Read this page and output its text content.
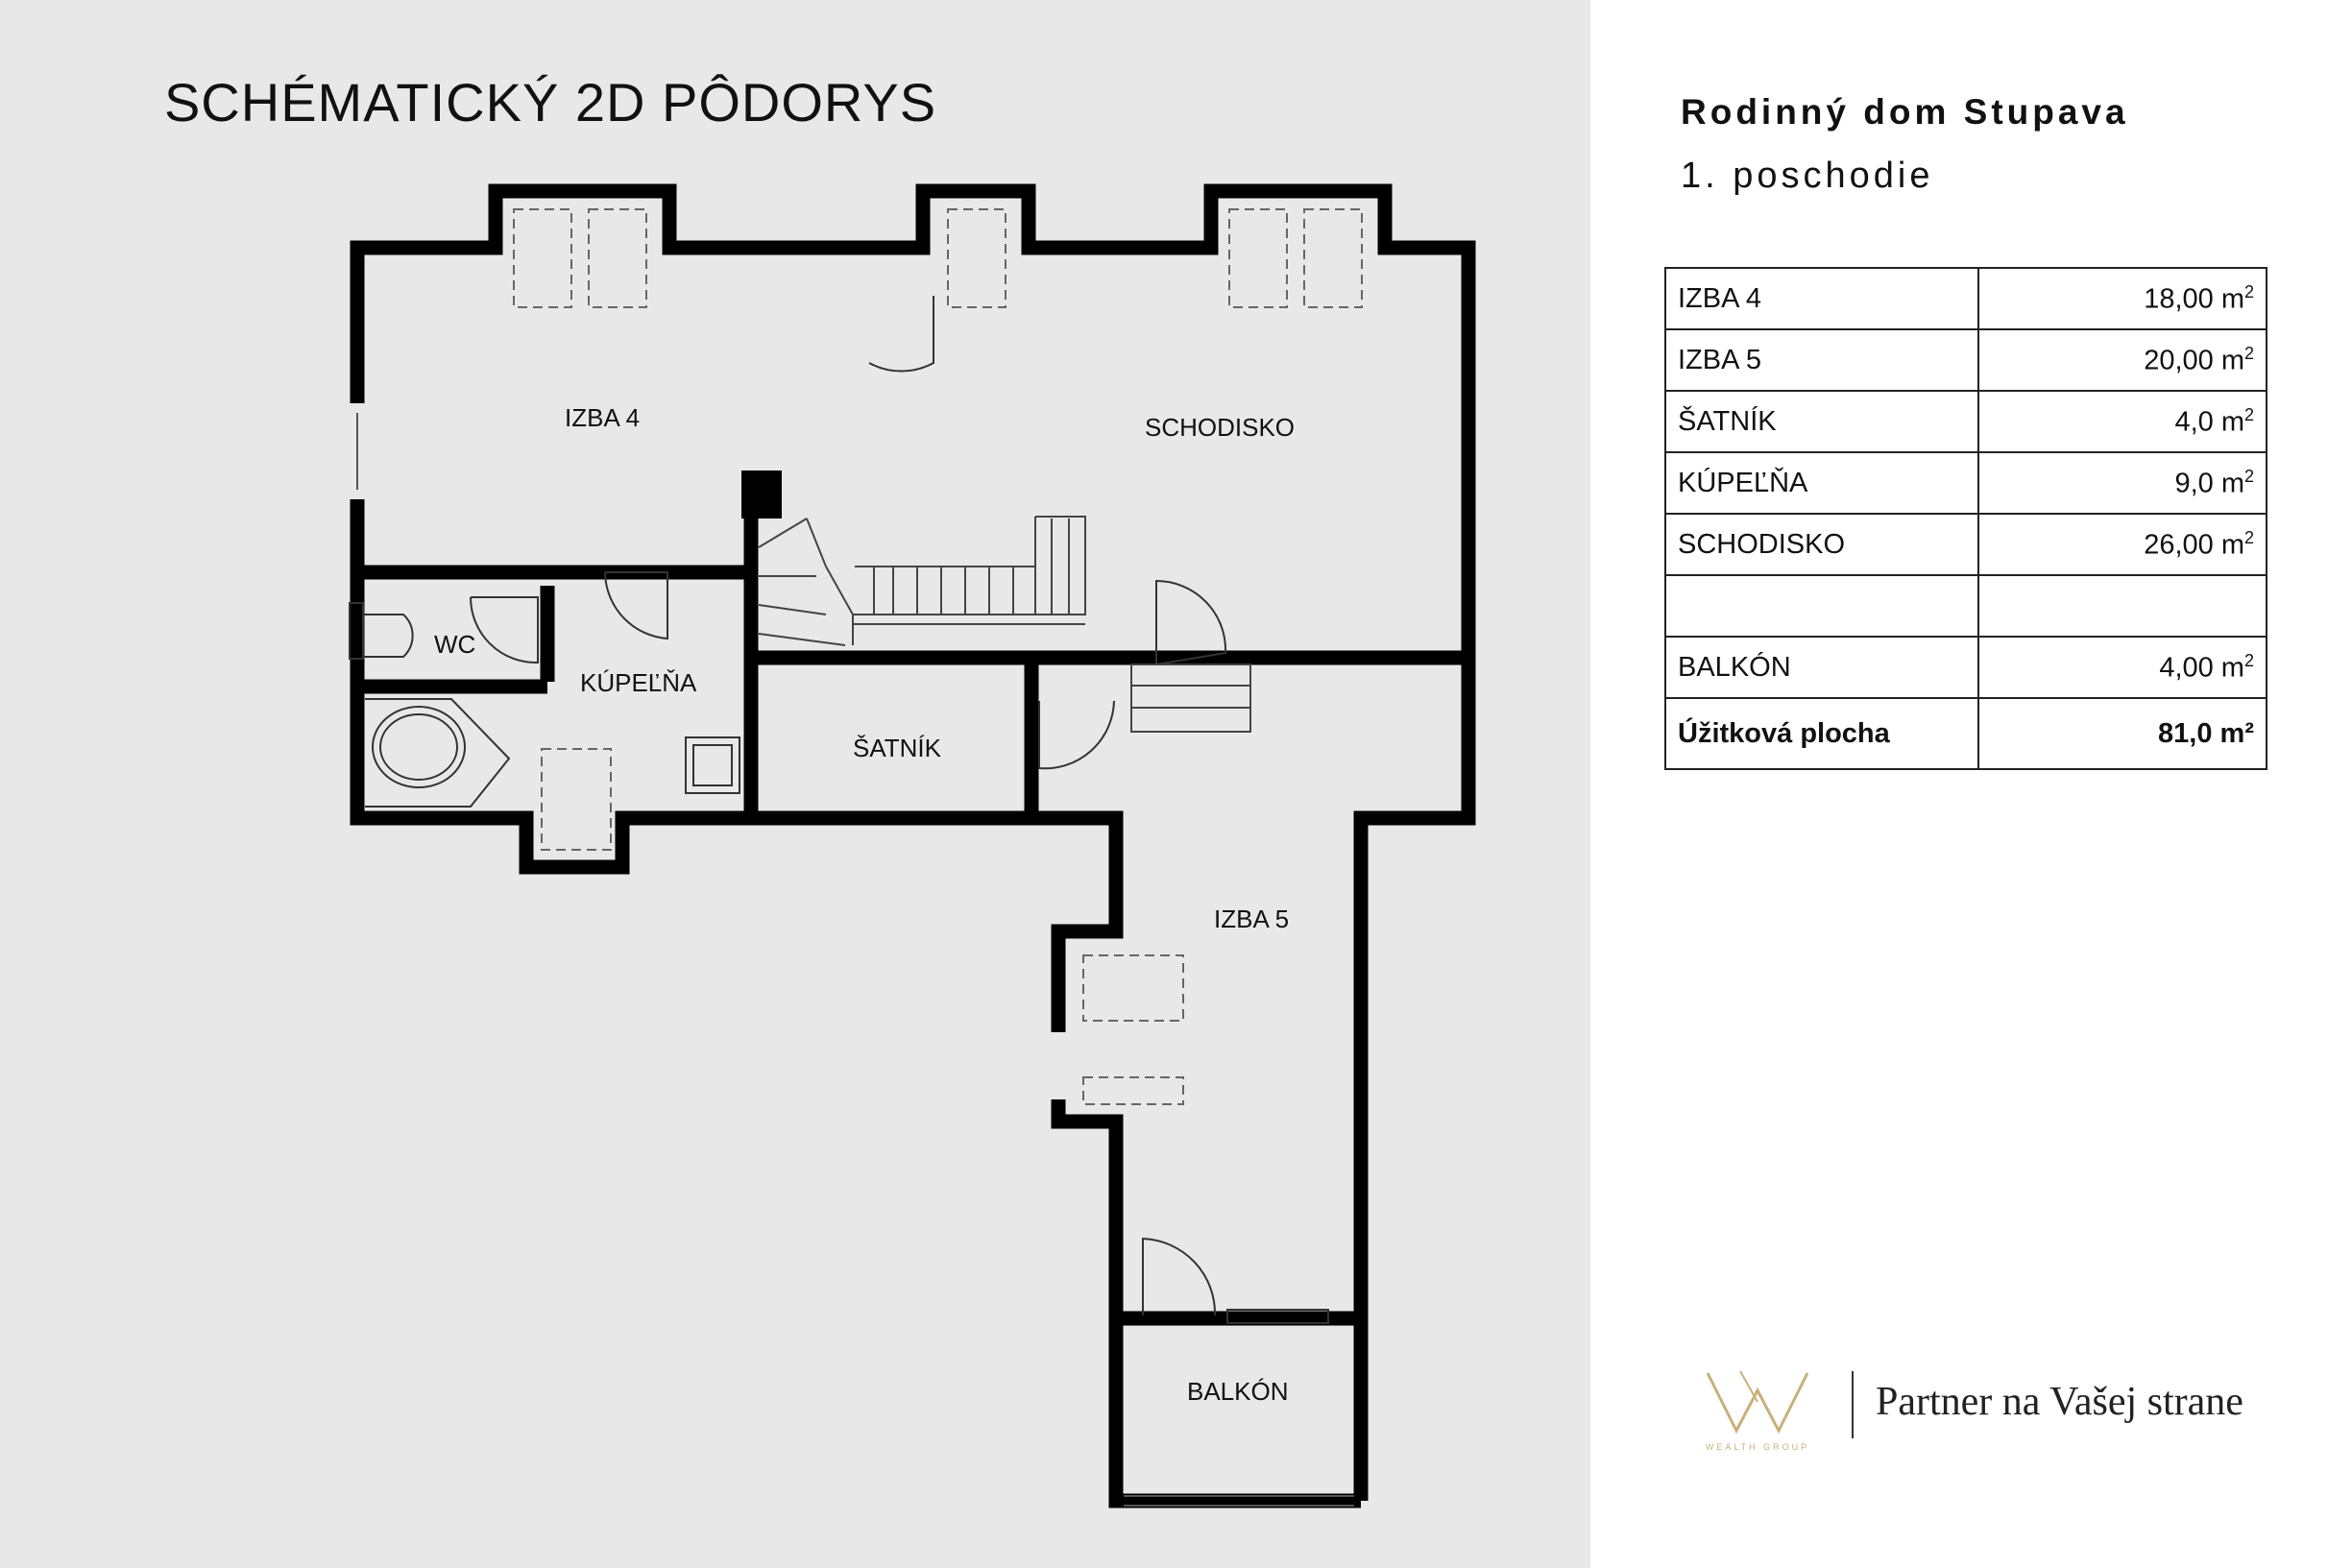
SCHÉMATICKÝ 2D PÔDORYS
IZBA 4	SCHODISKO
WC
KÚPEĽŇA
ŠATNÍK
IZBA 5
BALKÓN
Rodinný dom Stupava
1. poschodie
IZBA 4	18,00 $m^2$
IZBA 5	20,00 $m^2$
ŠATNÍK	4,0 $m^2$
KÚPEĽŇA	9,0 $m^2$
SCHODISKO	26,00 $m^2$

BALKÓN	4,00 $m^2$
Úžitková plocha	81,0 m²
WEALTH GROUP
Partner na Vašej strane
